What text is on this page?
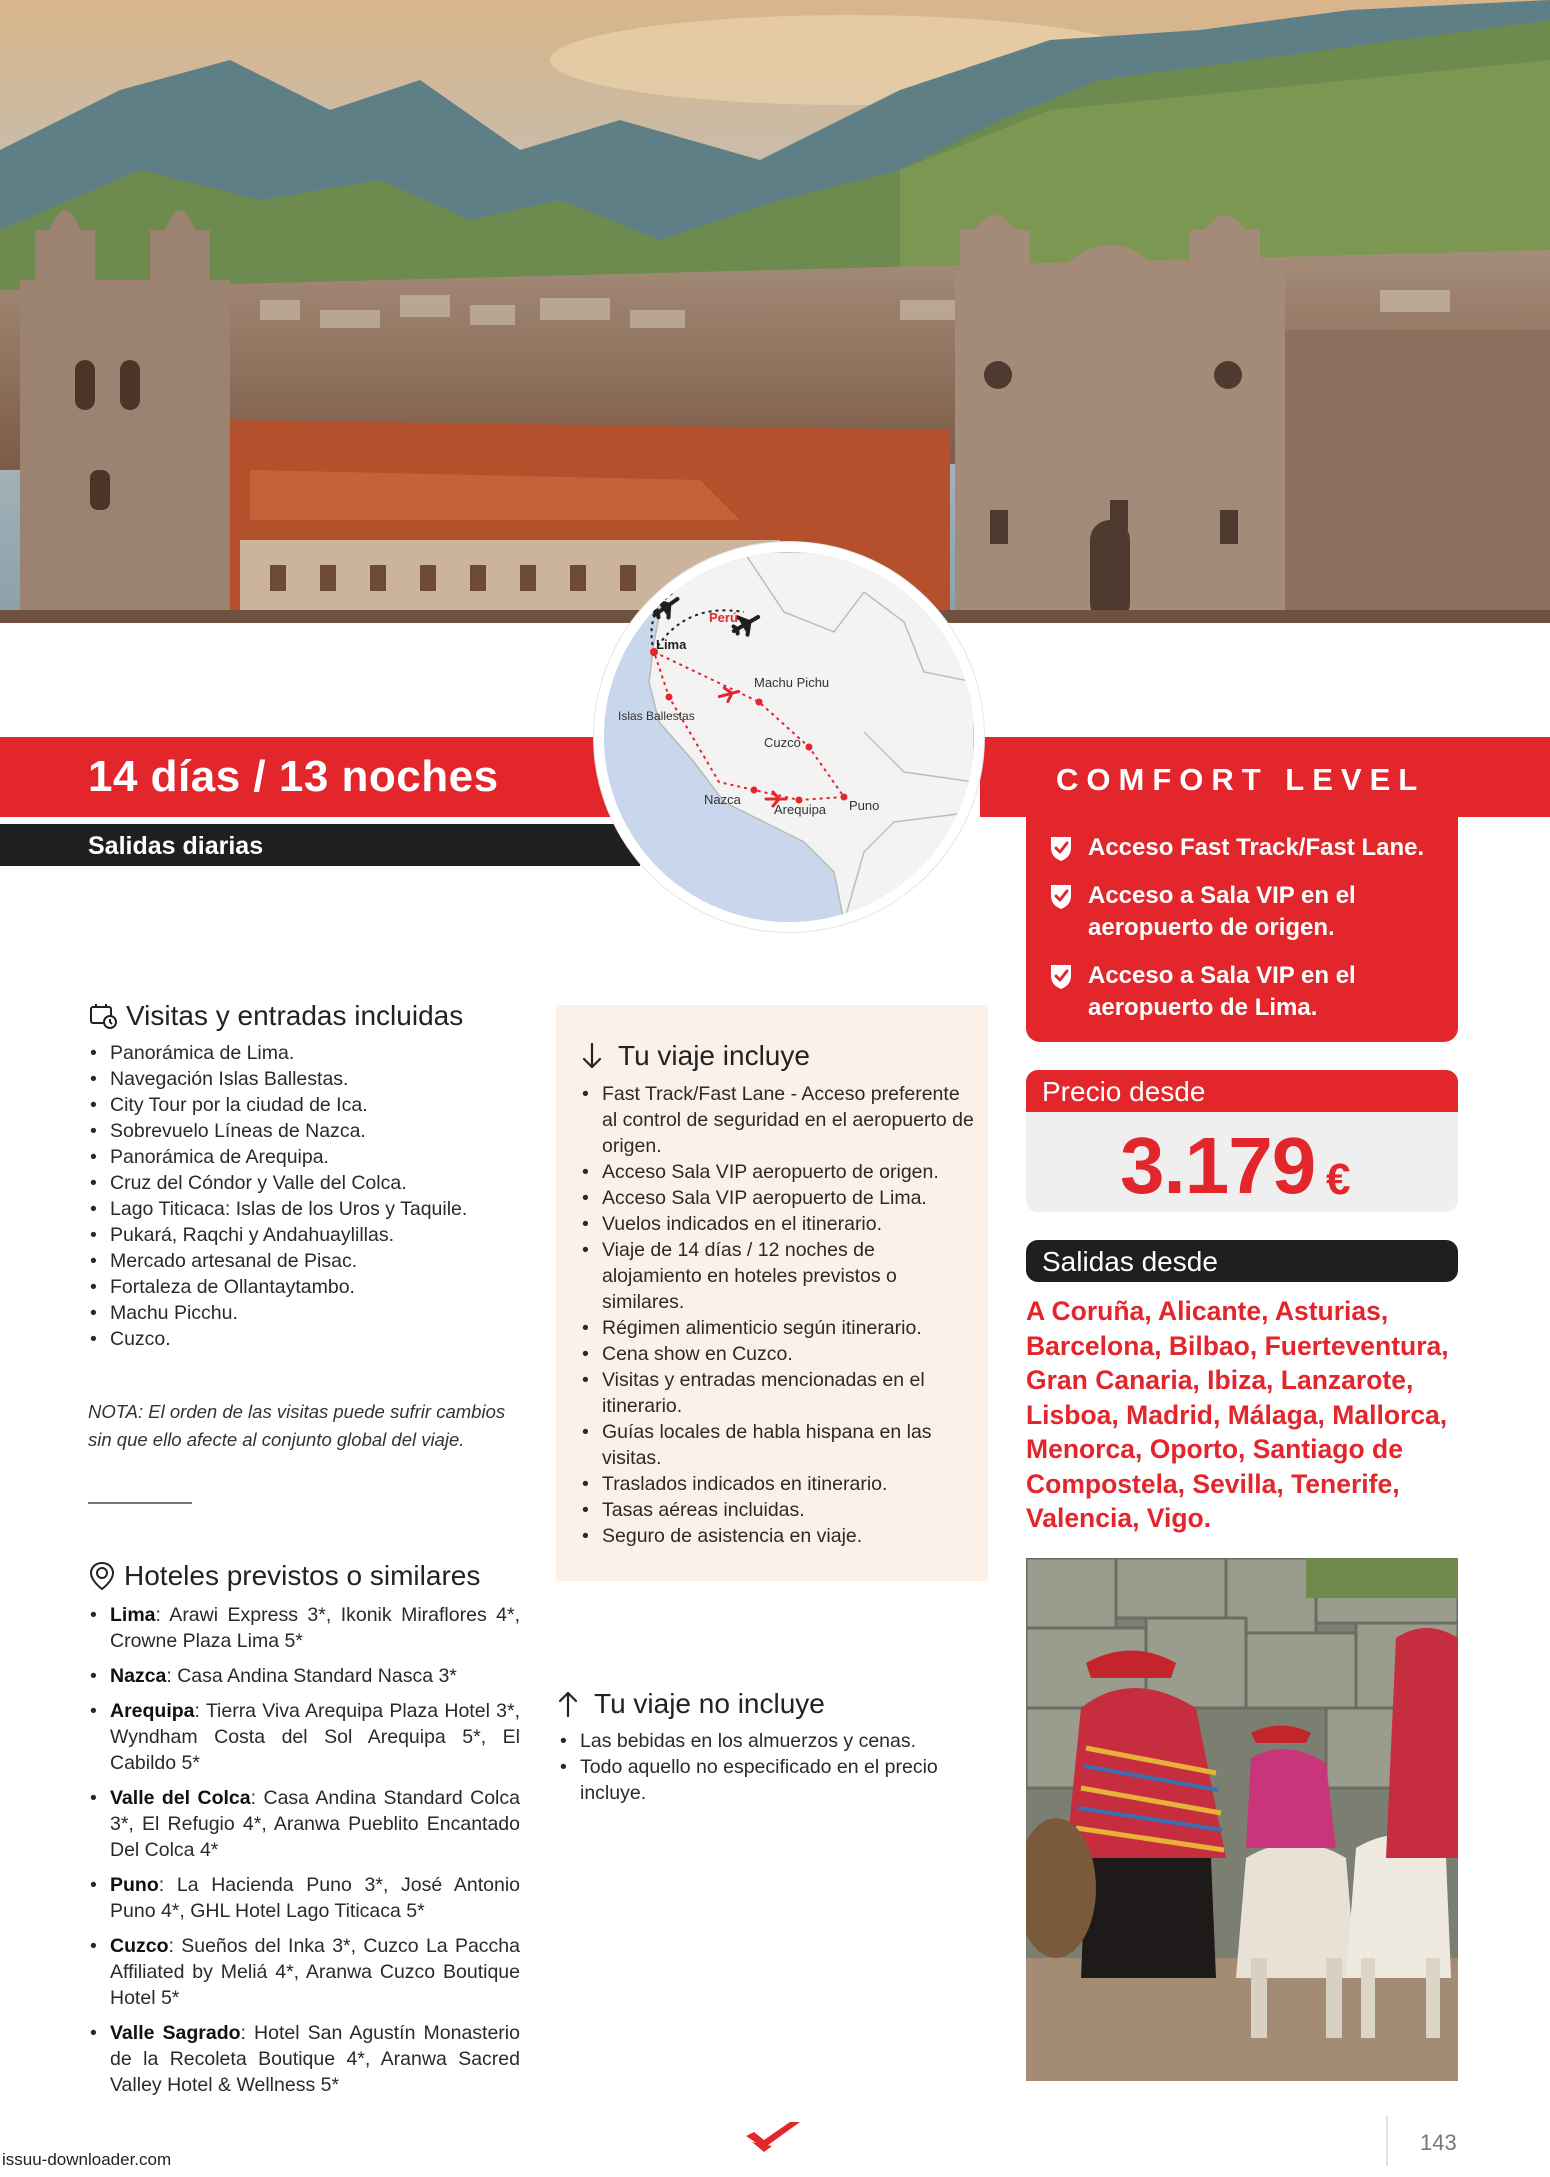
14 días / 13 noches
Salidas diarias
COMFORT LEVEL
Acceso Fast Track/Fast Lane.
Acceso a Sala VIP en el aeropuerto de origen.
Acceso a Sala VIP en el aeropuerto de Lima.
Perú
Lima
Machu Pichu
Islas Ballestas
Cuzco
Nazca
Arequipa Puno
Visitas y entradas incluidas
• Panorámica de Lima.
• Navegación Islas Ballestas.
• City Tour por la ciudad de Ica.
• Sobrevuelo Líneas de Nazca.
• Panorámica de Arequipa.
• Cruz del Cóndor y Valle del Colca.
• Lago Titicaca: Islas de los Uros y Taquile.
• Pukará, Raqchi y Andahuaylillas.
• Mercado artesanal de Pisac.
• Fortaleza de Ollantaytambo.
• Machu Picchu.
• Cuzco.
NOTA: El orden de las visitas puede sufrir cambios sin que ello afecte al conjunto global del viaje.
Hoteles previstos o similares
• Lima: Arawi Express 3*, Ikonik Miraflores 4*, Crowne Plaza Lima 5*
• Nazca: Casa Andina Standard Nasca 3*
• Arequipa: Tierra Viva Arequipa Plaza Hotel 3*, Wyndham Costa del Sol Arequipa 5*, El Cabildo 5*
• Valle del Colca: Casa Andina Standard Colca 3*, El Refugio 4*, Aranwa Pueblito Encantado Del Colca 4*
• Puno: La Hacienda Puno 3*, José Antonio Puno 4*, GHL Hotel Lago Titicaca 5*
• Cuzco: Sueños del Inka 3*, Cuzco La Paccha Affiliated by Meliá 4*, Aranwa Cuzco Boutique Hotel 5*
• Valle Sagrado: Hotel San Agustín Monasterio de la Recoleta Boutique 4*, Aranwa Sacred Valley Hotel & Wellness 5*
Tu viaje incluye
• Fast Track/Fast Lane - Acceso preferente al control de seguridad en el aeropuerto de origen.
• Acceso Sala VIP aeropuerto de origen.
• Acceso Sala VIP aeropuerto de Lima.
• Vuelos indicados en el itinerario.
• Viaje de 14 días / 12 noches de alojamiento en hoteles previstos o similares.
• Régimen alimenticio según itinerario.
• Cena show en Cuzco.
• Visitas y entradas mencionadas en el itinerario.
• Guías locales de habla hispana en las visitas.
• Traslados indicados en itinerario.
• Tasas aéreas incluidas.
• Seguro de asistencia en viaje.
Tu viaje no incluye
• Las bebidas en los almuerzos y cenas.
• Todo aquello no especificado en el precio incluye.
Precio desde
3.179 €
Salidas desde
A Coruña, Alicante, Asturias, Barcelona, Bilbao, Fuerteventura, Gran Canaria, Ibiza, Lanzarote, Lisboa, Madrid, Málaga, Mallorca, Menorca, Oporto, Santiago de Compostela, Sevilla, Tenerife, Valencia, Vigo.
143
issuu-downloader.com
